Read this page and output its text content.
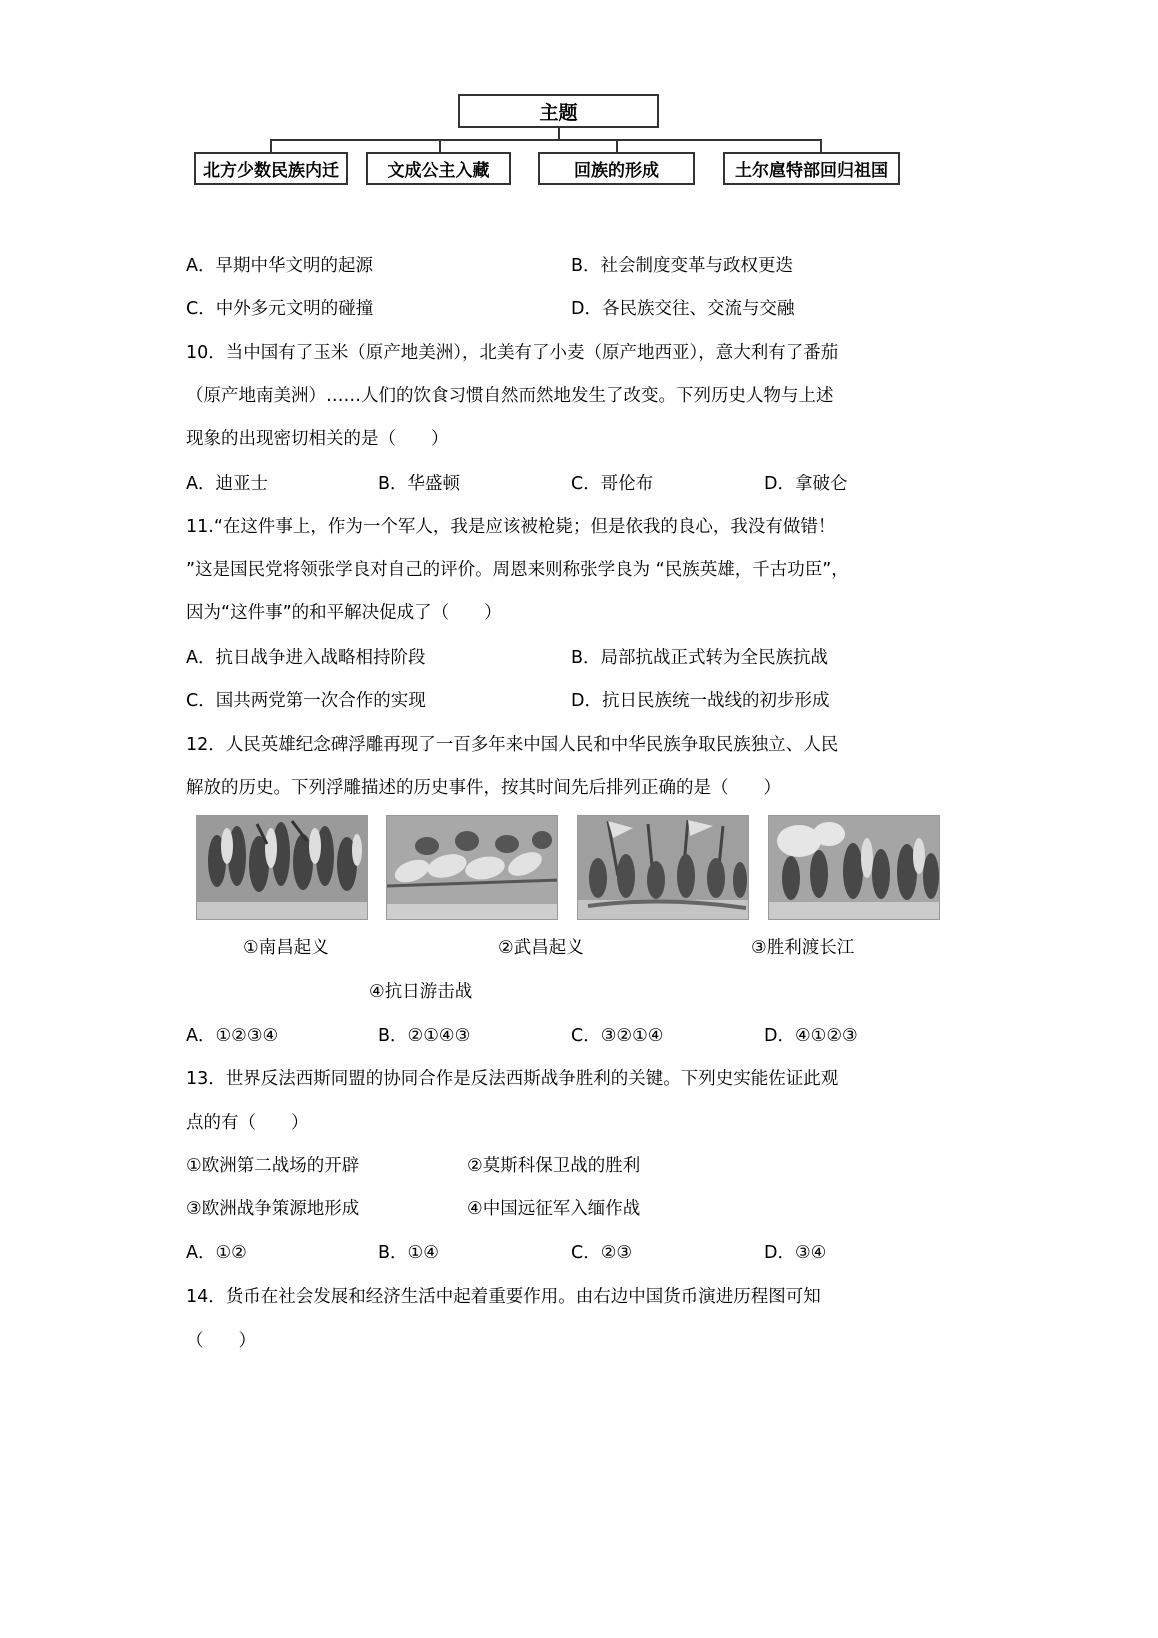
主题
北方少数民族内迁	文成公主入藏	回族的形成	土尔扈特部回归祖国
A．早期中华文明的起源	B．社会制度变革与政权更迭
C．中外多元文明的碰撞	D．各民族交往、交流与交融
10．当中国有了玉米（原产地美洲），北美有了小麦（原产地西亚），意大利有了番茄
（原产地南美洲）……人们的饮食习惯自然而然地发生了改变。下列历史人物与上述
现象的出现密切相关的是（　　）
A．迪亚士	B．华盛顿	C．哥伦布	D．拿破仑
11.“在这件事上，作为一个军人，我是应该被枪毙；但是依我的良心，我没有做错！
”这是国民党将领张学良对自己的评价。周恩来则称张学良为 “民族英雄，千古功臣”，
因为“这件事”的和平解决促成了（　　）
A．抗日战争进入战略相持阶段	B．局部抗战正式转为全民族抗战
C．国共两党第一次合作的实现	D．抗日民族统一战线的初步形成
12．人民英雄纪念碑浮雕再现了一百多年来中国人民和中华民族争取民族独立、人民
解放的历史。下列浮雕描述的历史事件，按其时间先后排列正确的是（　　）
①南昌起义	②武昌起义	③胜利渡长江
④抗日游击战
A．①②③④	B．②①④③	C．③②①④	D．④①②③
13．世界反法西斯同盟的协同合作是反法西斯战争胜利的关键。下列史实能佐证此观
点的有（　　）
①欧洲第二战场的开辟	②莫斯科保卫战的胜利
③欧洲战争策源地形成	④中国远征军入缅作战
A．①②	B．①④	C．②③	D．③④
14．货币在社会发展和经济生活中起着重要作用。由右边中国货币演进历程图可知
（　　）
